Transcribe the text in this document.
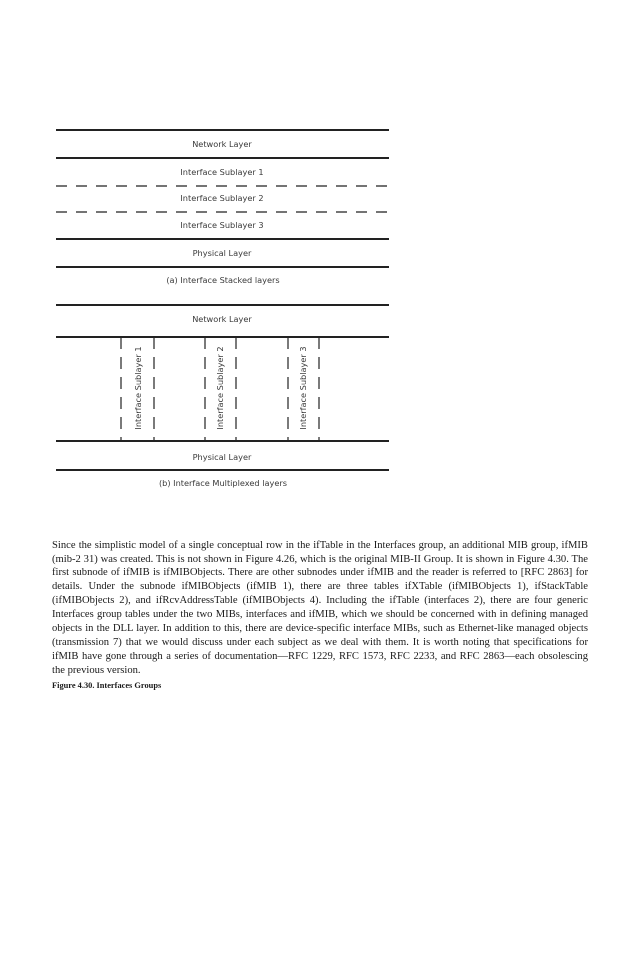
Network Layer
Interface Sublayer 1
Interface Sublayer 2
Interface Sublayer 3
Physical Layer
(a) Interface Stacked layers
Network Layer
Interface Sublayer 1	Interface Sublayer 2	Interface Sublayer 3
Physical Layer
(b) Interface Multiplexed layers

Since the simplistic model of a single conceptual row in the ifTable in the Interfaces group, an additional MIB group, ifMIB (mib-2 31) was created. This is not shown in Figure 4.26, which is the original MIB-II Group. It is shown in Figure 4.30. The first subnode of ifMIB is ifMIBObjects. There are other subnodes under ifMIB and the reader is referred to [RFC 2863] for details. Under the subnode ifMIBObjects (ifMIB 1), there are three tables ifXTable (ifMIBObjects 1), ifStackTable (ifMIBObjects 2), and ifRcvAddressTable (ifMIBObjects 4). Including the ifTable (interfaces 2), there are four generic Interfaces group tables under the two MIBs, interfaces and ifMIB, which we should be concerned with in defining managed objects in the DLL layer. In addition to this, there are device-specific interface MIBs, such as Ethernet-like managed objects (transmission 7) that we would discuss under each subject as we deal with them. It is worth noting that specifications for ifMIB have gone through a series of documentation—RFC 1229, RFC 1573, RFC 2233, and RFC 2863—each obsolescing the previous version.

Figure 4.30. Interfaces Groups
